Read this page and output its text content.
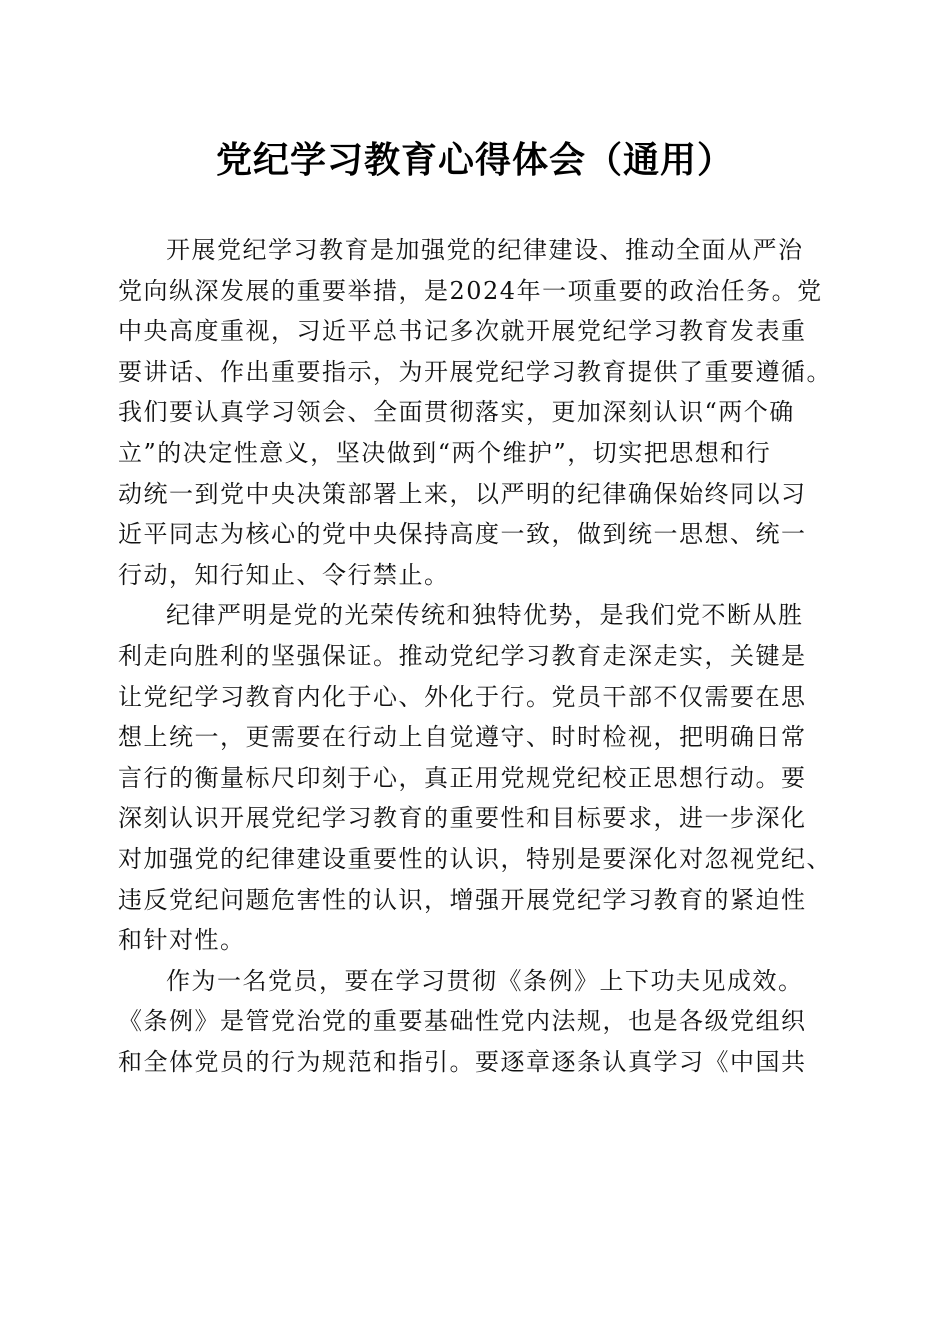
党纪学习教育心得体会（通用）
开展党纪学习教育是加强党的纪律建设、推动全面从严治
党向纵深发展的重要举措，是2024年一项重要的政治任务。党
中央高度重视，习近平总书记多次就开展党纪学习教育发表重
要讲话、作出重要指示，为开展党纪学习教育提供了重要遵循。
我们要认真学习领会、全面贯彻落实，更加深刻认识“两个确
立”的决定性意义，坚决做到“两个维护”，切实把思想和行
动统一到党中央决策部署上来，以严明的纪律确保始终同以习
近平同志为核心的党中央保持高度一致，做到统一思想、统一
行动，知行知止、令行禁止。
纪律严明是党的光荣传统和独特优势，是我们党不断从胜
利走向胜利的坚强保证。推动党纪学习教育走深走实，关键是
让党纪学习教育内化于心、外化于行。党员干部不仅需要在思
想上统一，更需要在行动上自觉遵守、时时检视，把明确日常
言行的衡量标尺印刻于心，真正用党规党纪校正思想行动。要
深刻认识开展党纪学习教育的重要性和目标要求，进一步深化
对加强党的纪律建设重要性的认识，特别是要深化对忽视党纪、
违反党纪问题危害性的认识，增强开展党纪学习教育的紧迫性
和针对性。
作为一名党员，要在学习贯彻《条例》上下功夫见成效。
《条例》是管党治党的重要基础性党内法规，也是各级党组织
和全体党员的行为规范和指引。要逐章逐条认真学习《中国共
